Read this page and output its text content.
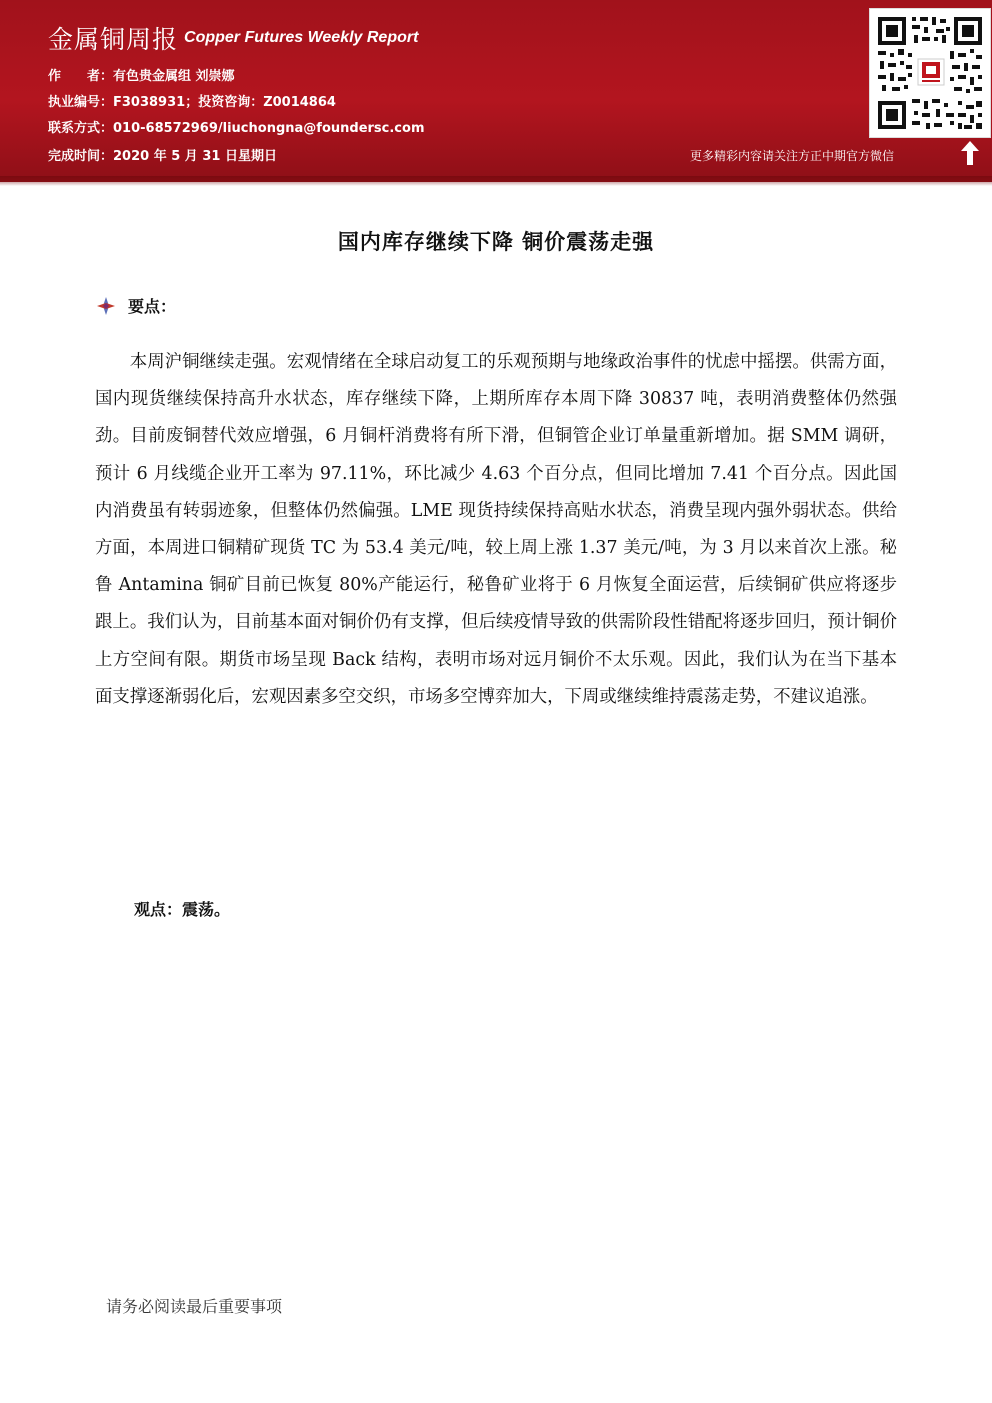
金属铜周报 Copper Futures Weekly Report
作　　者：有色贵金属组 刘崇娜
执业编号：F3038931；投资咨询：Z0014864
联系方式：010-68572969/liuchongna@foundersc.com
完成时间：2020 年 5 月 31 日星期日	更多精彩内容请关注方正中期官方微信
国内库存继续下降 铜价震荡走强
要点：

本周沪铜继续走强。宏观情绪在全球启动复工的乐观预期与地缘政治事件的忧虑中摇摆。供需方面，国内现货继续保持高升水状态，库存继续下降，上期所库存本周下降 30837 吨，表明消费整体仍然强劲。目前废铜替代效应增强，6 月铜杆消费将有所下滑，但铜管企业订单量重新增加。据 SMM 调研，预计 6 月线缆企业开工率为 97.11%，环比减少 4.63 个百分点，但同比增加 7.41 个百分点。因此国内消费虽有转弱迹象，但整体仍然偏强。LME 现货持续保持高贴水状态，消费呈现内强外弱状态。供给方面，本周进口铜精矿现货 TC 为 53.4 美元/吨，较上周上涨 1.37 美元/吨，为 3 月以来首次上涨。秘鲁 Antamina 铜矿目前已恢复 80%产能运行，秘鲁矿业将于 6 月恢复全面运营，后续铜矿供应将逐步跟上。我们认为，目前基本面对铜价仍有支撑，但后续疫情导致的供需阶段性错配将逐步回归，预计铜价上方空间有限。期货市场呈现 Back 结构，表明市场对远月铜价不太乐观。因此，我们认为在当下基本面支撑逐渐弱化后，宏观因素多空交织，市场多空博弈加大，下周或继续维持震荡走势，不建议追涨。

观点：震荡。
请务必阅读最后重要事项
